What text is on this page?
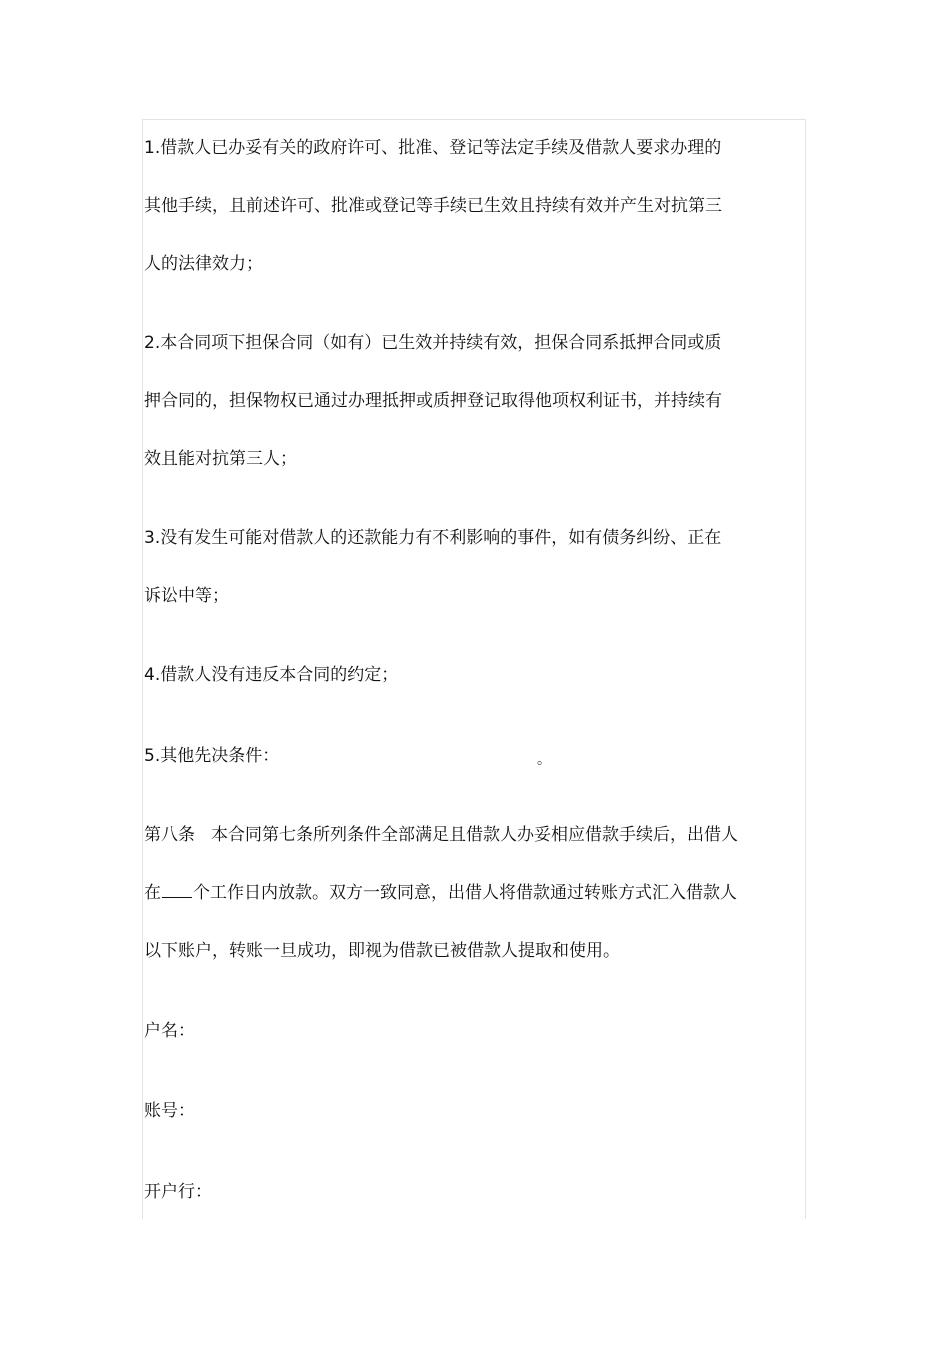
1.借款人已办妥有关的政府许可、批准、登记等法定手续及借款人要求办理的
其他手续，且前述许可、批准或登记等手续已生效且持续有效并产生对抗第三
人的法律效力；
2.本合同项下担保合同（如有）已生效并持续有效，担保合同系抵押合同或质
押合同的，担保物权已通过办理抵押或质押登记取得他项权利证书，并持续有
效且能对抗第三人；
3.没有发生可能对借款人的还款能力有不利影响的事件，如有债务纠纷、正在
诉讼中等；
4.借款人没有违反本合同的约定；
5.其他先决条件：	。
第八条 本合同第七条所列条件全部满足且借款人办妥相应借款手续后，出借人
在 个工作日内放款。双方一致同意，出借人将借款通过转账方式汇入借款人
以下账户，转账一旦成功，即视为借款已被借款人提取和使用。
户名：
账号：
开户行：
